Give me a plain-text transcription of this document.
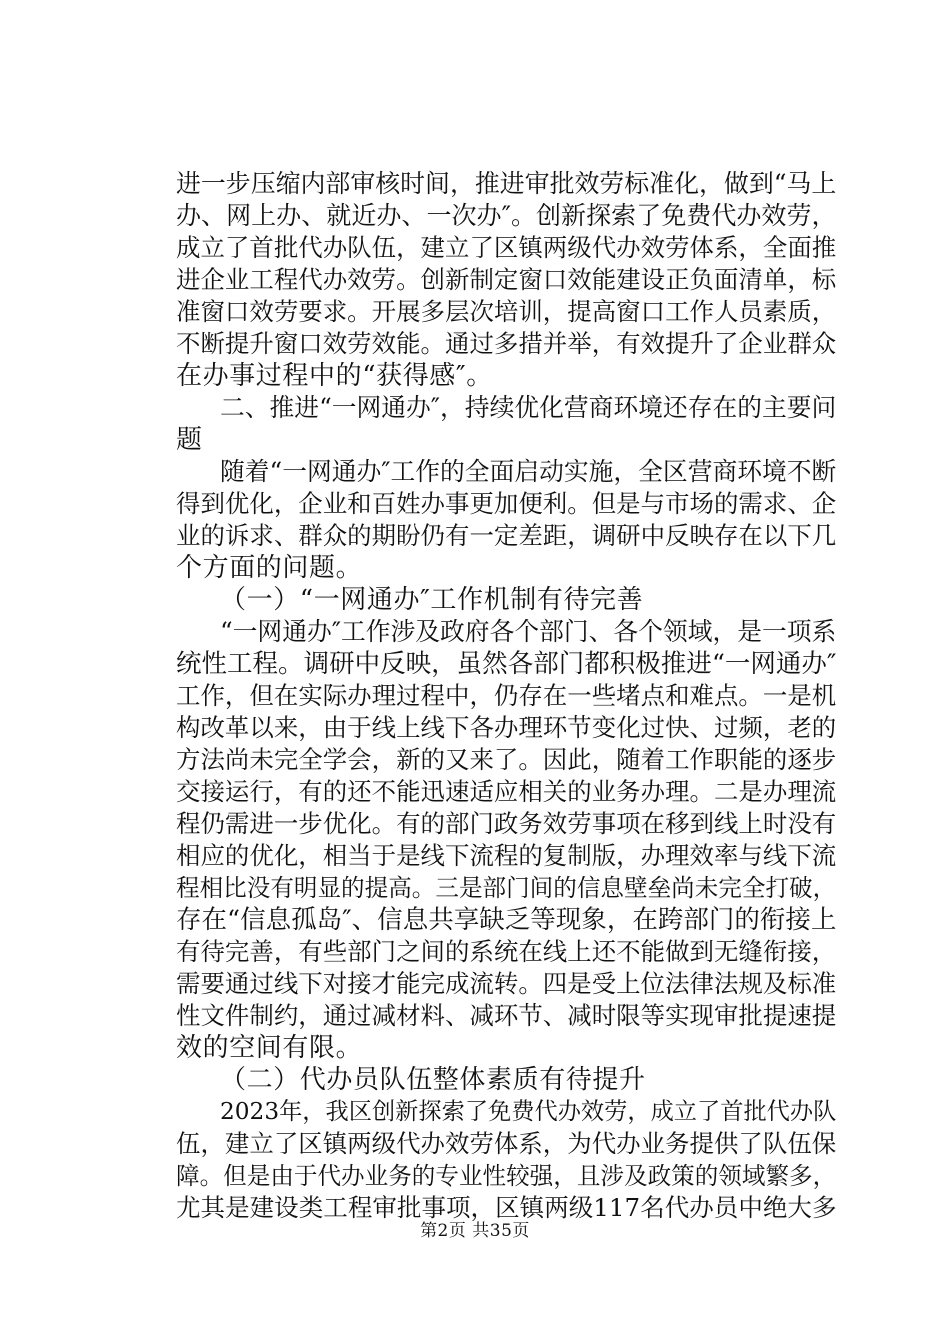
进一步压缩内部审核时间，推进审批效劳标准化，做到“马上
办、网上办、就近办、一次办″。创新探索了免费代办效劳，
成立了首批代办队伍，建立了区镇两级代办效劳体系，全面推
进企业工程代办效劳。创新制定窗口效能建设正负面清单，标
准窗口效劳要求。开展多层次培训，提高窗口工作人员素质，
不断提升窗口效劳效能。通过多措并举，有效提升了企业群众
在办事过程中的“获得感″。
二、推进“一网通办″，持续优化营商环境还存在的主要问
题
随着“一网通办″工作的全面启动实施，全区营商环境不断
得到优化，企业和百姓办事更加便利。但是与市场的需求、企
业的诉求、群众的期盼仍有一定差距，调研中反映存在以下几
个方面的问题。
（一）“一网通办″工作机制有待完善
“一网通办″工作涉及政府各个部门、各个领域，是一项系
统性工程。调研中反映，虽然各部门都积极推进“一网通办″
工作，但在实际办理过程中，仍存在一些堵点和难点。一是机
构改革以来，由于线上线下各办理环节变化过快、过频，老的
方法尚未完全学会，新的又来了。因此，随着工作职能的逐步
交接运行，有的还不能迅速适应相关的业务办理。二是办理流
程仍需进一步优化。有的部门政务效劳事项在移到线上时没有
相应的优化，相当于是线下流程的复制版，办理效率与线下流
程相比没有明显的提高。三是部门间的信息壁垒尚未完全打破，
存在“信息孤岛″、信息共享缺乏等现象，在跨部门的衔接上
有待完善，有些部门之间的系统在线上还不能做到无缝衔接，
需要通过线下对接才能完成流转。四是受上位法律法规及标准
性文件制约，通过减材料、减环节、减时限等实现审批提速提
效的空间有限。
（二）代办员队伍整体素质有待提升
2023年，我区创新探索了免费代办效劳，成立了首批代办队
伍，建立了区镇两级代办效劳体系，为代办业务提供了队伍保
障。但是由于代办业务的专业性较强，且涉及政策的领域繁多，
尤其是建设类工程审批事项，区镇两级117名代办员中绝大多
第2页 共35页
